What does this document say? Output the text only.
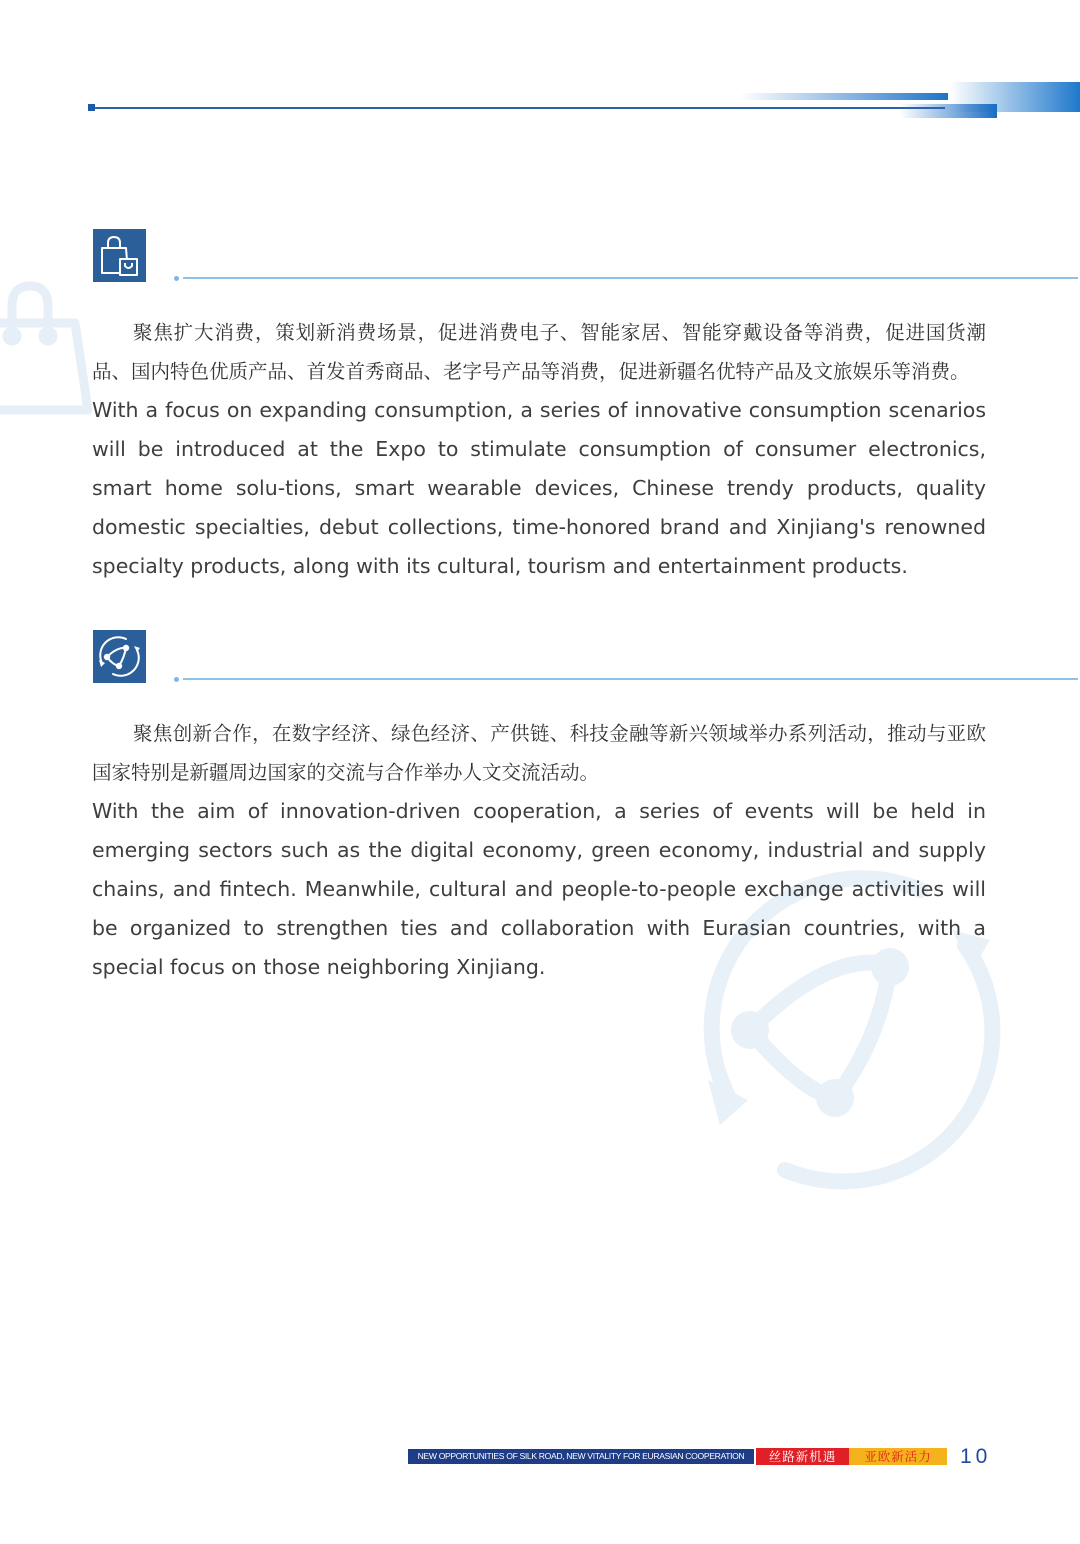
聚焦扩大消费，策划新消费场景，促进消费电子、智能家居、智能穿戴设备等消费，促进国货潮品、国内特色优质产品、首发首秀商品、老字号产品等消费，促进新疆名优特产品及文旅娱乐等消费。

With a focus on expanding consumption, a series of innovative consumption scenarios will be introduced at the Expo to stimulate consumption of consumer electronics, smart home solu-tions, smart wearable devices, Chinese trendy products, quality domestic specialties, debut collections, time-honored brand and Xinjiang's renowned specialty products, along with its cultural, tourism and entertainment products.

聚焦创新合作，在数字经济、绿色经济、产供链、科技金融等新兴领域举办系列活动，推动与亚欧国家特别是新疆周边国家的交流与合作举办人文交流活动。

With the aim of innovation-driven cooperation, a series of events will be held in emerging sectors such as the digital economy, green economy, industrial and supply chains, and fintech. Meanwhile, cultural and people-to-people exchange activities will be organized to strengthen ties and collaboration with Eurasian countries, with a special focus on those neighboring Xinjiang.

NEW OPPORTUNITIES OF SILK ROAD, NEW VITALITY FOR EURASIAN COOPERATION	丝路新机遇	亚欧新活力	10
